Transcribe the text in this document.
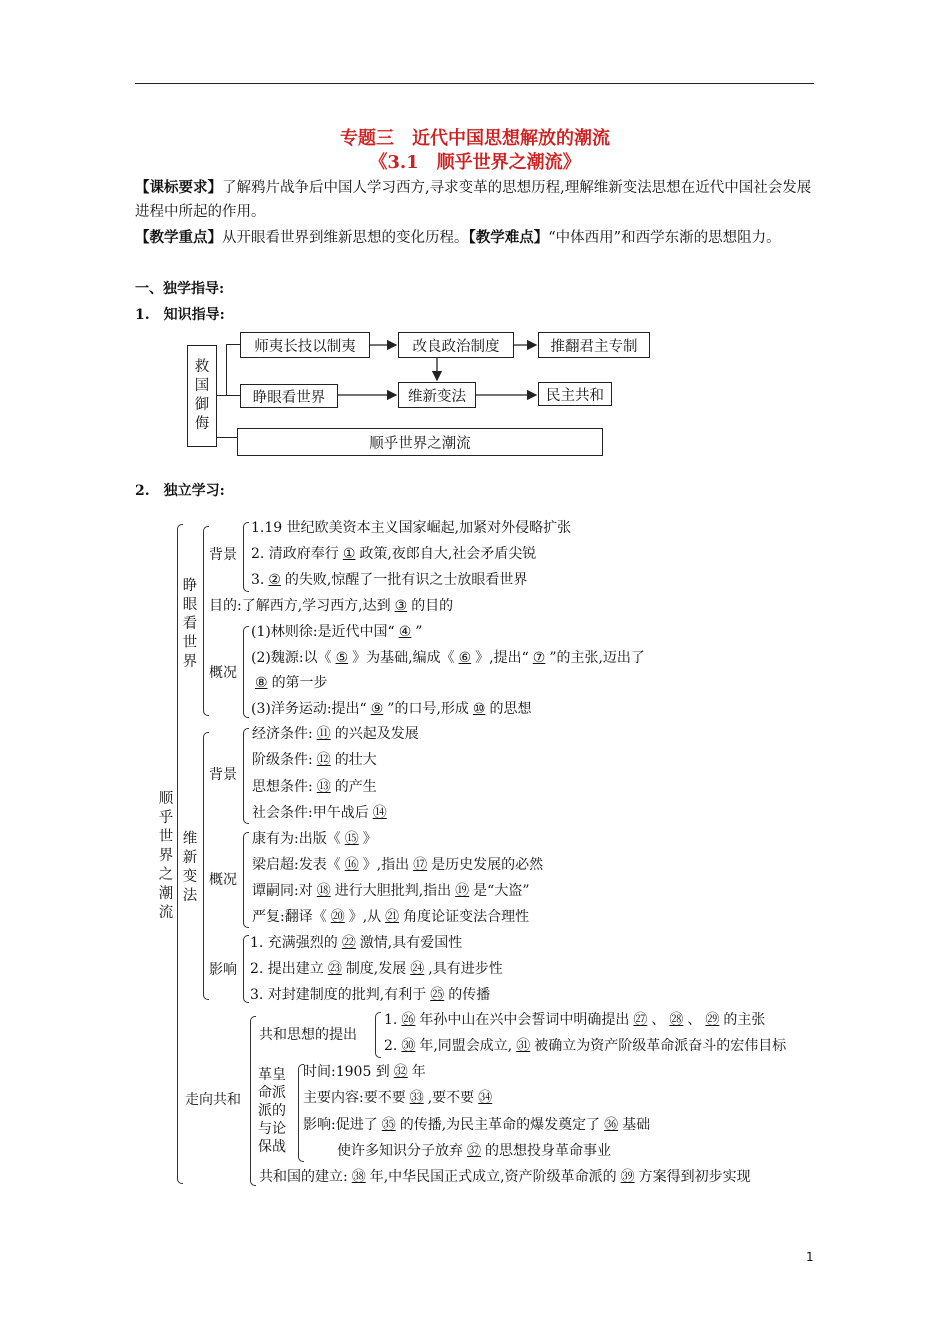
专题三　近代中国思想解放的潮流
《3.1　顺乎世界之潮流》
【课标要求】了解鸦片战争后中国人学习西方,寻求变革的思想历程,理解维新变法思想在近代中国社会发展进程中所起的作用。
【教学重点】从开眼看世界到维新思想的变化历程。【教学难点】“中体西用”和西学东渐的思想阻力。
一、独学指导:
1.　知识指导:
救国御侮
师夷长技以制夷	改良政治制度	推翻君主专制
睁眼看世界	维新变法	民主共和
顺乎世界之潮流
2.　独立学习:
顺乎世界之潮流
睁眼看世界
背景
1.19 世纪欧美资本主义国家崛起,加紧对外侵略扩张
2. 清政府奉行 ① 政策,夜郎自大,社会矛盾尖锐
3. ② 的失败,惊醒了一批有识之士放眼看世界
目的:了解西方,学习西方,达到 ③ 的目的
概况
(1)林则徐:是近代中国“ ④ ”
(2)魏源:以《 ⑤ 》为基础,编成《 ⑥ 》,提出“ ⑦ ”的主张,迈出了
⑧ 的第一步
(3)洋务运动:提出“ ⑨ ”的口号,形成 ⑩ 的思想
维新变法
背景
经济条件: ⑪ 的兴起及发展
阶级条件: ⑫ 的壮大
思想条件: ⑬ 的产生
社会条件:甲午战后 ⑭
概况
康有为:出版《 ⑮ 》
梁启超:发表《 ⑯ 》,指出 ⑰ 是历史发展的必然
谭嗣同:对 ⑱ 进行大胆批判,指出 ⑲ 是“大盗”
严复:翻译《 ⑳ 》,从 ㉑ 角度论证变法合理性
影响
1. 充满强烈的 ㉒ 激情,具有爱国性
2. 提出建立 ㉓ 制度,发展 ㉔ ,具有进步性
3. 对封建制度的批判,有利于 ㉕ 的传播
走向共和
共和思想的提出
1. ㉖ 年孙中山在兴中会誓词中明确提出 ㉗ 、 ㉘ 、 ㉙ 的主张
2. ㉚ 年,同盟会成立, ㉛ 被确立为资产阶级革命派奋斗的宏伟目标
革皇命派派的与论保战
时间:1905 到 ㉜ 年
主要内容:要不要 ㉝ ,要不要 ㉞
影响:促进了 ㉟ 的传播,为民主革命的爆发奠定了 ㊱ 基础
使许多知识分子放弃 ㊲ 的思想投身革命事业
共和国的建立: ㊳ 年,中华民国正式成立,资产阶级革命派的 ㊴ 方案得到初步实现
1
